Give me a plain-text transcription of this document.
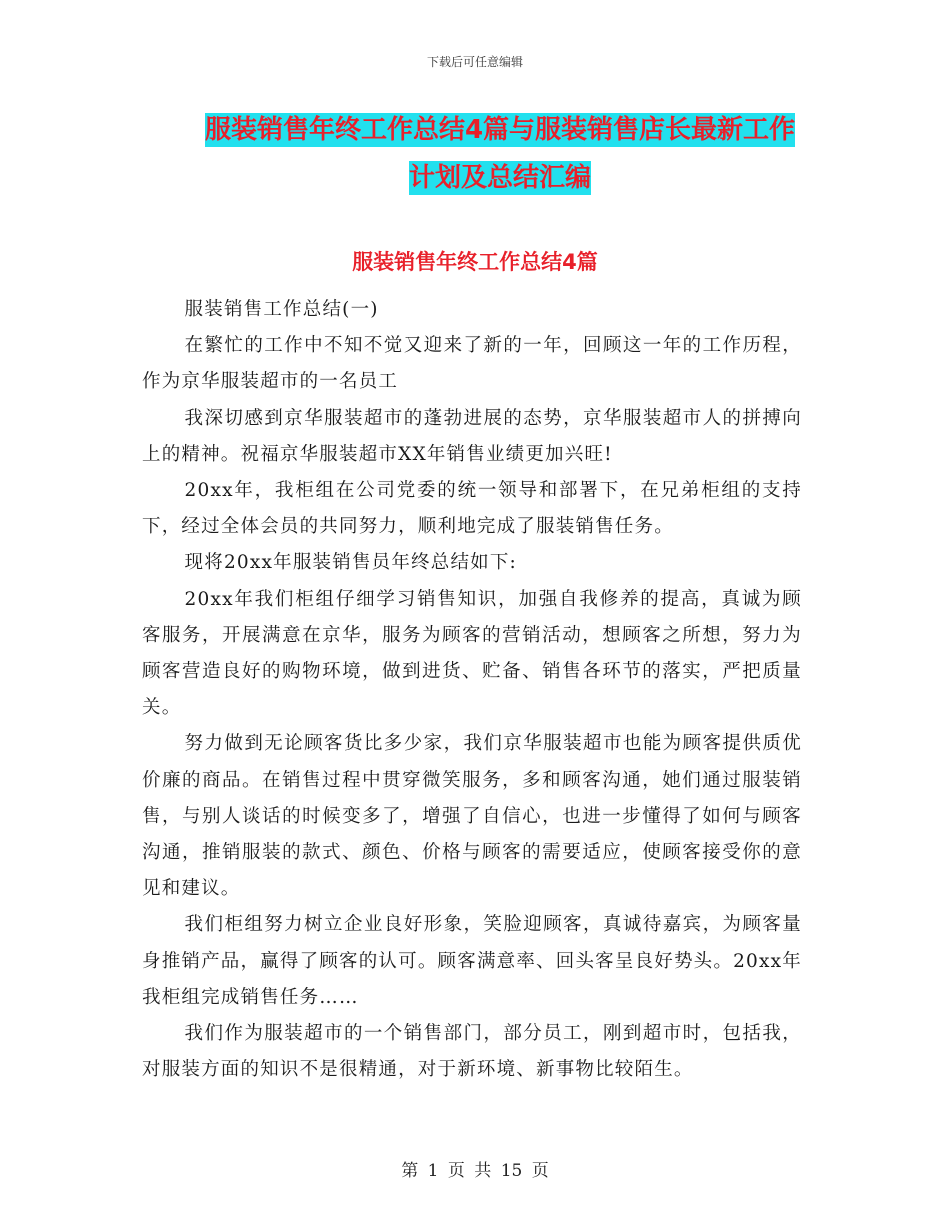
下载后可任意编辑
服装销售年终工作总结4篇与服装销售店长最新工作
计划及总结汇编
服装销售年终工作总结4篇

服装销售工作总结(一)

在繁忙的工作中不知不觉又迎来了新的一年，回顾这一年的工作历程，作为京华服装超市的一名员工

我深切感到京华服装超市的蓬勃进展的态势，京华服装超市人的拼搏向上的精神。祝福京华服装超市XX年销售业绩更加兴旺!

20xx年，我柜组在公司党委的统一领导和部署下，在兄弟柜组的支持下，经过全体会员的共同努力，顺利地完成了服装销售任务。

现将20xx年服装销售员年终总结如下:

20xx年我们柜组仔细学习销售知识，加强自我修养的提高，真诚为顾客服务，开展满意在京华，服务为顾客的营销活动，想顾客之所想，努力为顾客营造良好的购物环境，做到进货、贮备、销售各环节的落实，严把质量关。

努力做到无论顾客货比多少家，我们京华服装超市也能为顾客提供质优价廉的商品。在销售过程中贯穿微笑服务，多和顾客沟通，她们通过服装销售，与别人谈话的时候变多了，增强了自信心，也进一步懂得了如何与顾客沟通，推销服装的款式、颜色、价格与顾客的需要适应，使顾客接受你的意见和建议。

我们柜组努力树立企业良好形象，笑脸迎顾客，真诚待嘉宾，为顾客量身推销产品，赢得了顾客的认可。顾客满意率、回头客呈良好势头。20xx年我柜组完成销售任务……

我们作为服装超市的一个销售部门，部分员工，刚到超市时，包括我，对服装方面的知识不是很精通，对于新环境、新事物比较陌生。

第 1 页 共 15 页
